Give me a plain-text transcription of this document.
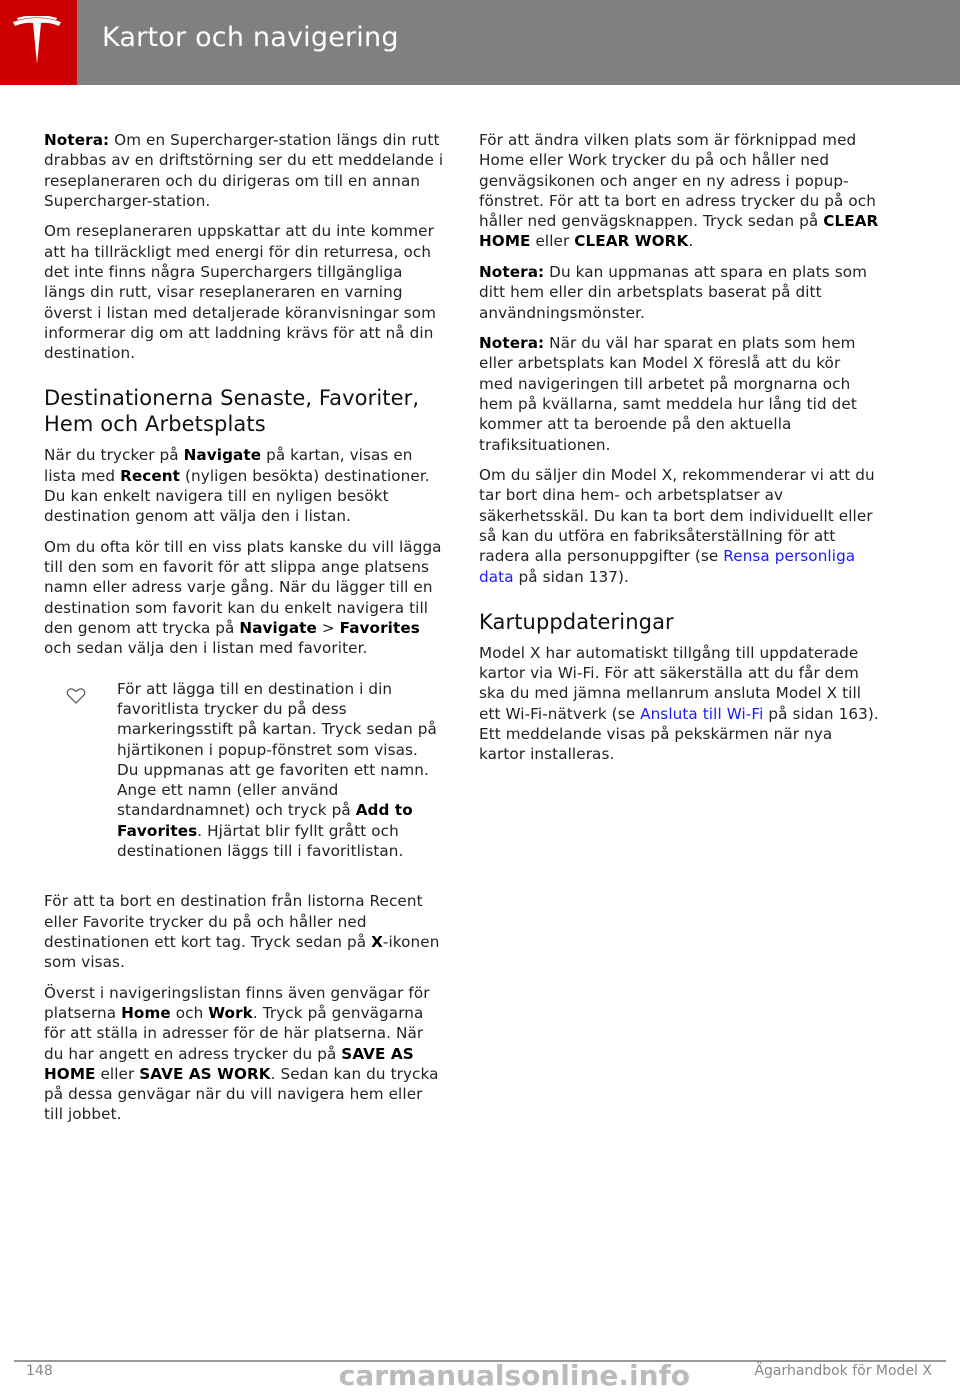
Kartor och navigering

Notera: Om en Supercharger-station längs din rutt drabbas av en driftstörning ser du ett meddelande i reseplaneraren och du dirigeras om till en annan Supercharger-station.

Om reseplaneraren uppskattar att du inte kommer att ha tillräckligt med energi för din returresa, och det inte finns några Superchargers tillgängliga längs din rutt, visar reseplaneraren en varning överst i listan med detaljerade köranvisningar som informerar dig om att laddning krävs för att nå din destination.

Destinationerna Senaste, Favoriter, Hem och Arbetsplats

När du trycker på Navigate på kartan, visas en lista med Recent (nyligen besökta) destinationer. Du kan enkelt navigera till en nyligen besökt destination genom att välja den i listan.

Om du ofta kör till en viss plats kanske du vill lägga till den som en favorit för att slippa ange platsens namn eller adress varje gång. När du lägger till en destination som favorit kan du enkelt navigera till den genom att trycka på Navigate > Favorites och sedan välja den i listan med favoriter.

För att lägga till en destination i din favoritlista trycker du på dess markeringsstift på kartan. Tryck sedan på hjärtikonen i popup-fönstret som visas. Du uppmanas att ge favoriten ett namn. Ange ett namn (eller använd standardnamnet) och tryck på Add to Favorites. Hjärtat blir fyllt grått och destinationen läggs till i favoritlistan.

För att ta bort en destination från listorna Recent eller Favorite trycker du på och håller ned destinationen ett kort tag. Tryck sedan på X-ikonen som visas.

Överst i navigeringslistan finns även genvägar för platserna Home och Work. Tryck på genvägarna för att ställa in adresser för de här platserna. När du har angett en adress trycker du på SAVE AS HOME eller SAVE AS WORK. Sedan kan du trycka på dessa genvägar när du vill navigera hem eller till jobbet.

För att ändra vilken plats som är förknippad med Home eller Work trycker du på och håller ned genvägsikonen och anger en ny adress i popup-fönstret. För att ta bort en adress trycker du på och håller ned genvägsknappen. Tryck sedan på CLEAR HOME eller CLEAR WORK.

Notera: Du kan uppmanas att spara en plats som ditt hem eller din arbetsplats baserat på ditt användningsmönster.

Notera: När du väl har sparat en plats som hem eller arbetsplats kan Model X föreslå att du kör med navigeringen till arbetet på morgnarna och hem på kvällarna, samt meddela hur lång tid det kommer att ta beroende på den aktuella trafiksituationen.

Om du säljer din Model X, rekommenderar vi att du tar bort dina hem- och arbetsplatser av säkerhetsskäl. Du kan ta bort dem individuellt eller så kan du utföra en fabriksåterställning för att radera alla personuppgifter (se Rensa personliga data på sidan 137).

Kartuppdateringar

Model X har automatiskt tillgång till uppdaterade kartor via Wi-Fi. För att säkerställa att du får dem ska du med jämna mellanrum ansluta Model X till ett Wi-Fi-nätverk (se Ansluta till Wi-Fi på sidan 163). Ett meddelande visas på pekskärmen när nya kartor installeras.

148	carmanualsonline.info	Ägarhandbok för Model X
